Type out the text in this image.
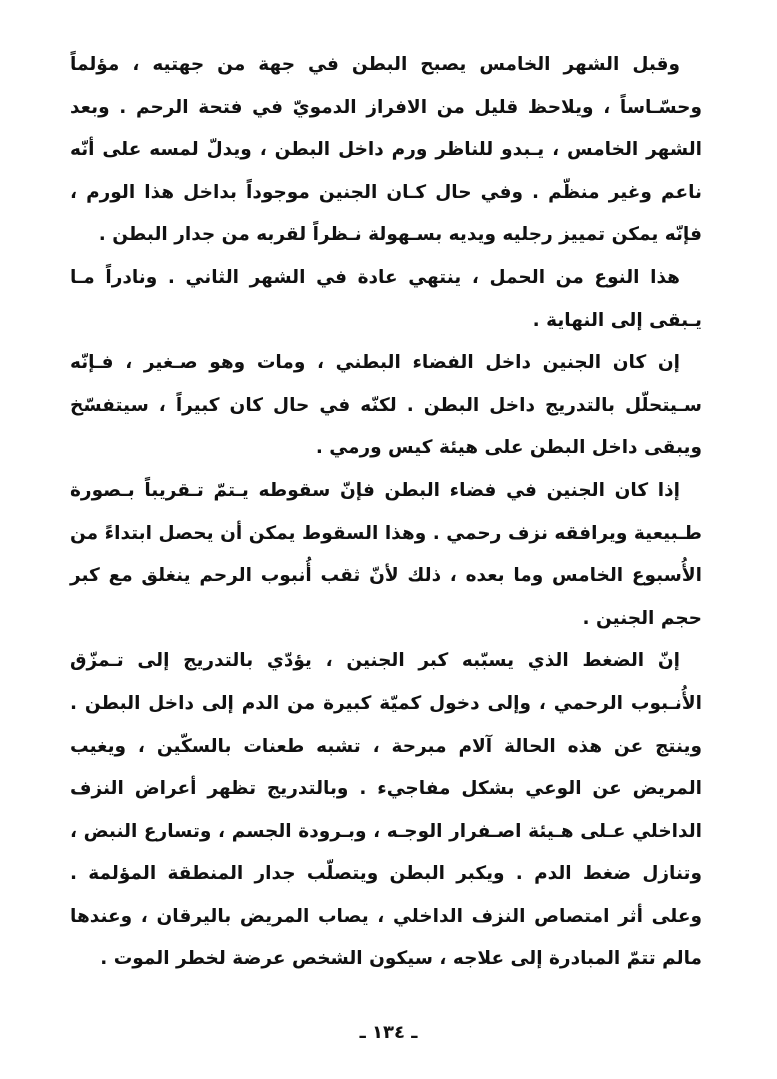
وقبل الشهر الخامس يصبح البطن في جهة من جهتيه ، مؤلماً وحسّـاساً ، ويلاحظ قليل من الافراز الدمويّ في فتحة الرحم . وبعد الشهر الخامس ، يـبدو للناظر ورم داخل البطن ، ويدلّ لمسه على أنّه ناعم وغير منظّم . وفي حال كـان الجنين موجوداً بداخل هذا الورم ، فإنّه يمكن تمييز رجليه ويديه بسـهولة نـظراً لقربه من جدار البطن .

هذا النوع من الحمل ، ينتهي عادة في الشهر الثاني . ونادراً مـا يـبقى إلى النهاية .

إن كان الجنين داخل الفضاء البطني ، ومات وهو صـغير ، فـإنّه سـيتحلّل بالتدريج داخل البطن . لكنّه في حال كان كبيراً ، سيتفسّخ ويبقى داخل البطن على هيئة كيس ورمي .

إذا كان الجنين في فضاء البطن فإنّ سقوطه يـتمّ تـقريباً بـصورة طـبيعية ويرافقه نزف رحمي . وهذا السقوط يمكن أن يحصل ابتداءً من الأُسبوع الخامس وما بعده ، ذلك لأنّ ثقب أُنبوب الرحم ينغلق مع كبر حجم الجنين .

إنّ الضغط الذي يسبّبه كبر الجنين ، يؤدّي بالتدريج إلى تـمزّق الأُنـبوب الرحمي ، وإلى دخول كميّة كبيرة من الدم إلى داخل البطن . وينتج عن هذه الحالة آلام مبرحة ، تشبه طعنات بالسكّين ، ويغيب المريض عن الوعي بشكل مفاجيء . وبالتدريج تظهر أعراض النزف الداخلي عـلى هـيئة اصـفرار الوجـه ، وبـرودة الجسم ، وتسارع النبض ، وتنازل ضغط الدم . ويكبر البطن ويتصلّب جدار المنطقة المؤلمة . وعلى أثر امتصاص النزف الداخلي ، يصاب المريض باليرقان ، وعندها مالم تتمّ المبادرة إلى علاجه ، سيكون الشخص عرضة لخطر الموت .

ـ ١٣٤ ـ
